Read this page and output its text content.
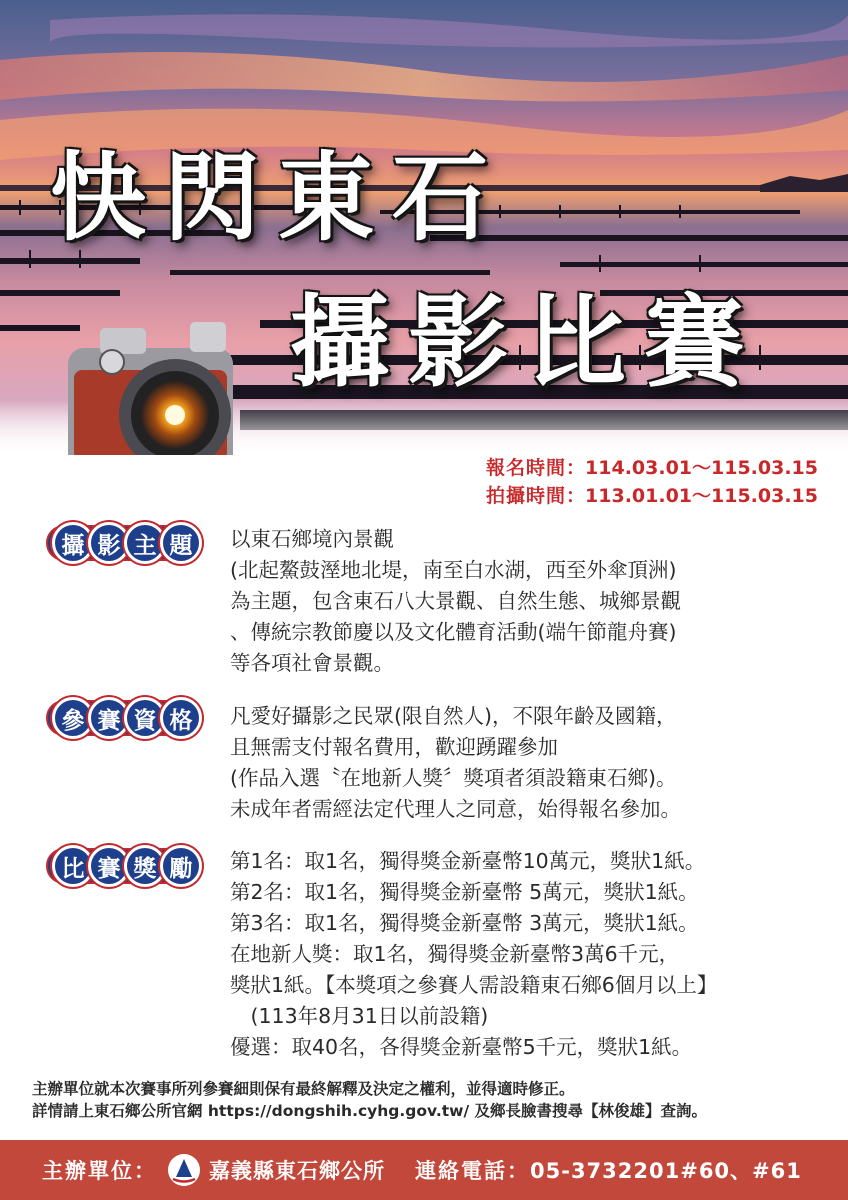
快閃東石
攝影比賽
報名時間：114.03.01～115.03.15
拍攝時間：113.01.01～115.03.15
攝 影 主 題	以東石鄉境內景觀
(北起鰲鼓溼地北堤，南至白水湖，西至外傘頂洲)
為主題，包含東石八大景觀、自然生態、城鄉景觀
、傳統宗教節慶以及文化體育活動(端午節龍舟賽)
等各項社會景觀。
參 賽 資 格	凡愛好攝影之民眾(限自然人)，不限年齡及國籍，
且無需支付報名費用，歡迎踴躍參加
(作品入選〝在地新人獎〞獎項者須設籍東石鄉)。
未成年者需經法定代理人之同意，始得報名參加。
比 賽 獎 勵	第1名：取1名，獨得獎金新臺幣10萬元，獎狀1紙。
第2名：取1名，獨得獎金新臺幣 5萬元，獎狀1紙。
第3名：取1名，獨得獎金新臺幣 3萬元，獎狀1紙。
在地新人獎：取1名，獨得獎金新臺幣3萬6千元，
獎狀1紙。【本獎項之參賽人需設籍東石鄉6個月以上】
　(113年8月31日以前設籍)
優選：取40名，各得獎金新臺幣5千元，獎狀1紙。
主辦單位就本次賽事所列參賽細則保有最終解釋及決定之權利，並得適時修正。
詳情請上東石鄉公所官網 https://dongshih.cyhg.gov.tw/ 及鄉長臉書搜尋【林俊雄】查詢。
主辦單位： 嘉義縣東石鄉公所 連絡電話： 05-3732201#60、#61
